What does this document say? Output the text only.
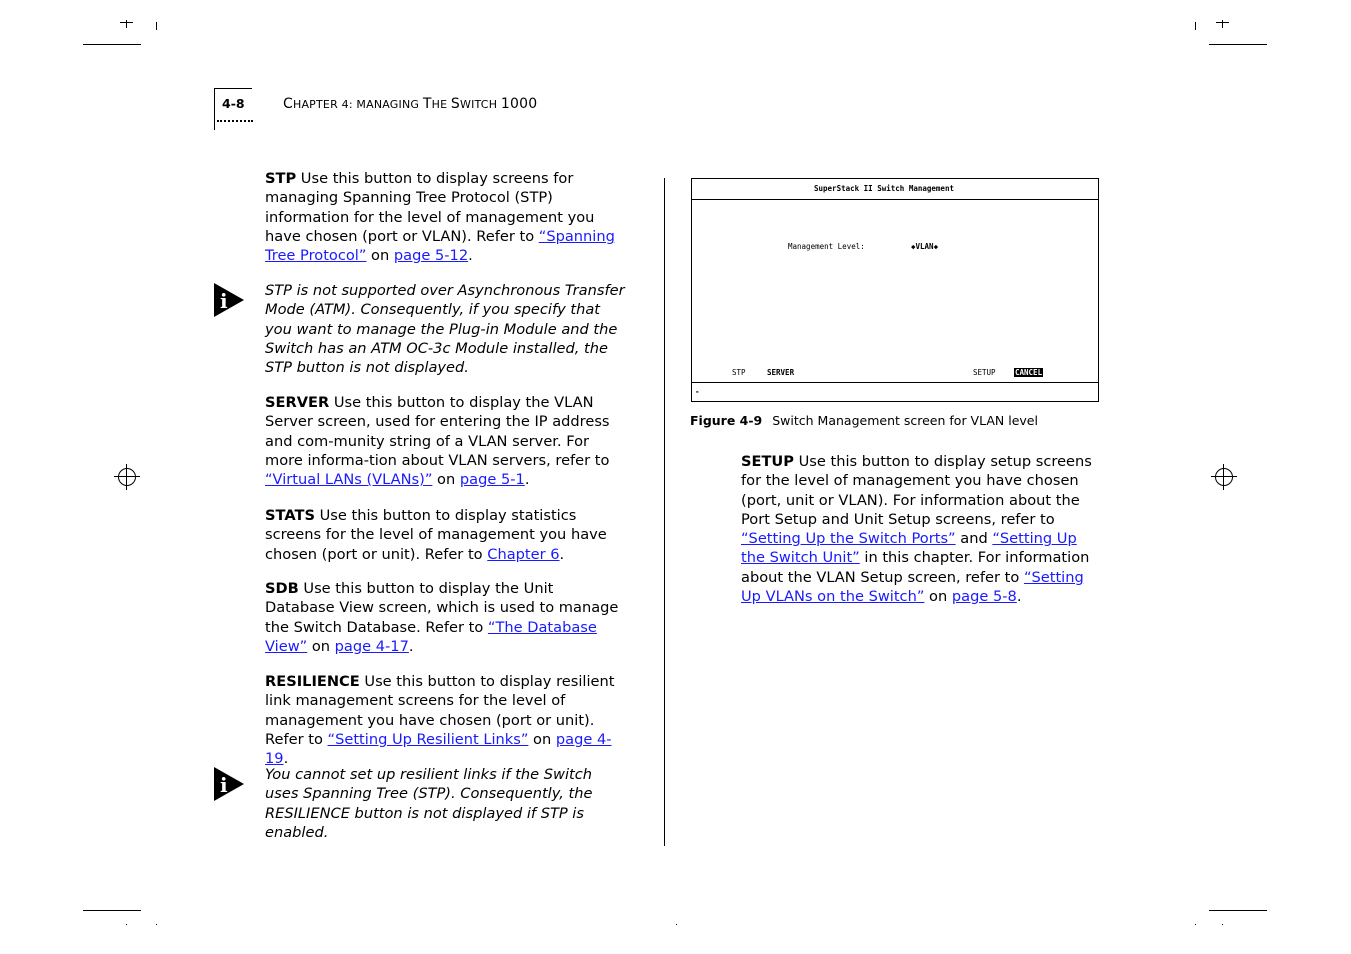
4-8	CHAPTER 4: MANAGING THE SWITCH 1000
STP Use this button to display screens for managing Spanning Tree Protocol (STP) information for the level of management you have chosen (port or VLAN). Refer to “Spanning Tree Protocol” on page 5-12.
i	STP is not supported over Asynchronous Transfer Mode (ATM). Consequently, if you specify that you want to manage the Plug-in Module and the Switch has an ATM OC-3c Module installed, the STP button is not displayed.
SERVER Use this button to display the VLAN Server screen, used for entering the IP address and com-munity string of a VLAN server. For more informa-tion about VLAN servers, refer to “Virtual LANs (VLANs)” on page 5-1.
STATS Use this button to display statistics screens for the level of management you have chosen (port or unit). Refer to Chapter 6.
SDB Use this button to display the Unit Database View screen, which is used to manage the Switch Database. Refer to “The Database View” on page 4-17.
RESILIENCE Use this button to display resilient link management screens for the level of management you have chosen (port or unit). Refer to “Setting Up Resilient Links” on page 4-19.
i	You cannot set up resilient links if the Switch uses Spanning Tree (STP). Consequently, the RESILIENCE button is not displayed if STP is enabled.
SuperStack II Switch Management
Management Level:	◆VLAN◆
STP	SERVER	SETUP	CANCEL
-
Figure 4-9 Switch Management screen for VLAN level
SETUP Use this button to display setup screens for the level of management you have chosen (port, unit or VLAN). For information about the Port Setup and Unit Setup screens, refer to “Setting Up the Switch Ports” and “Setting Up the Switch Unit” in this chapter. For information about the VLAN Setup screen, refer to “Setting Up VLANs on the Switch” on page 5-8.
